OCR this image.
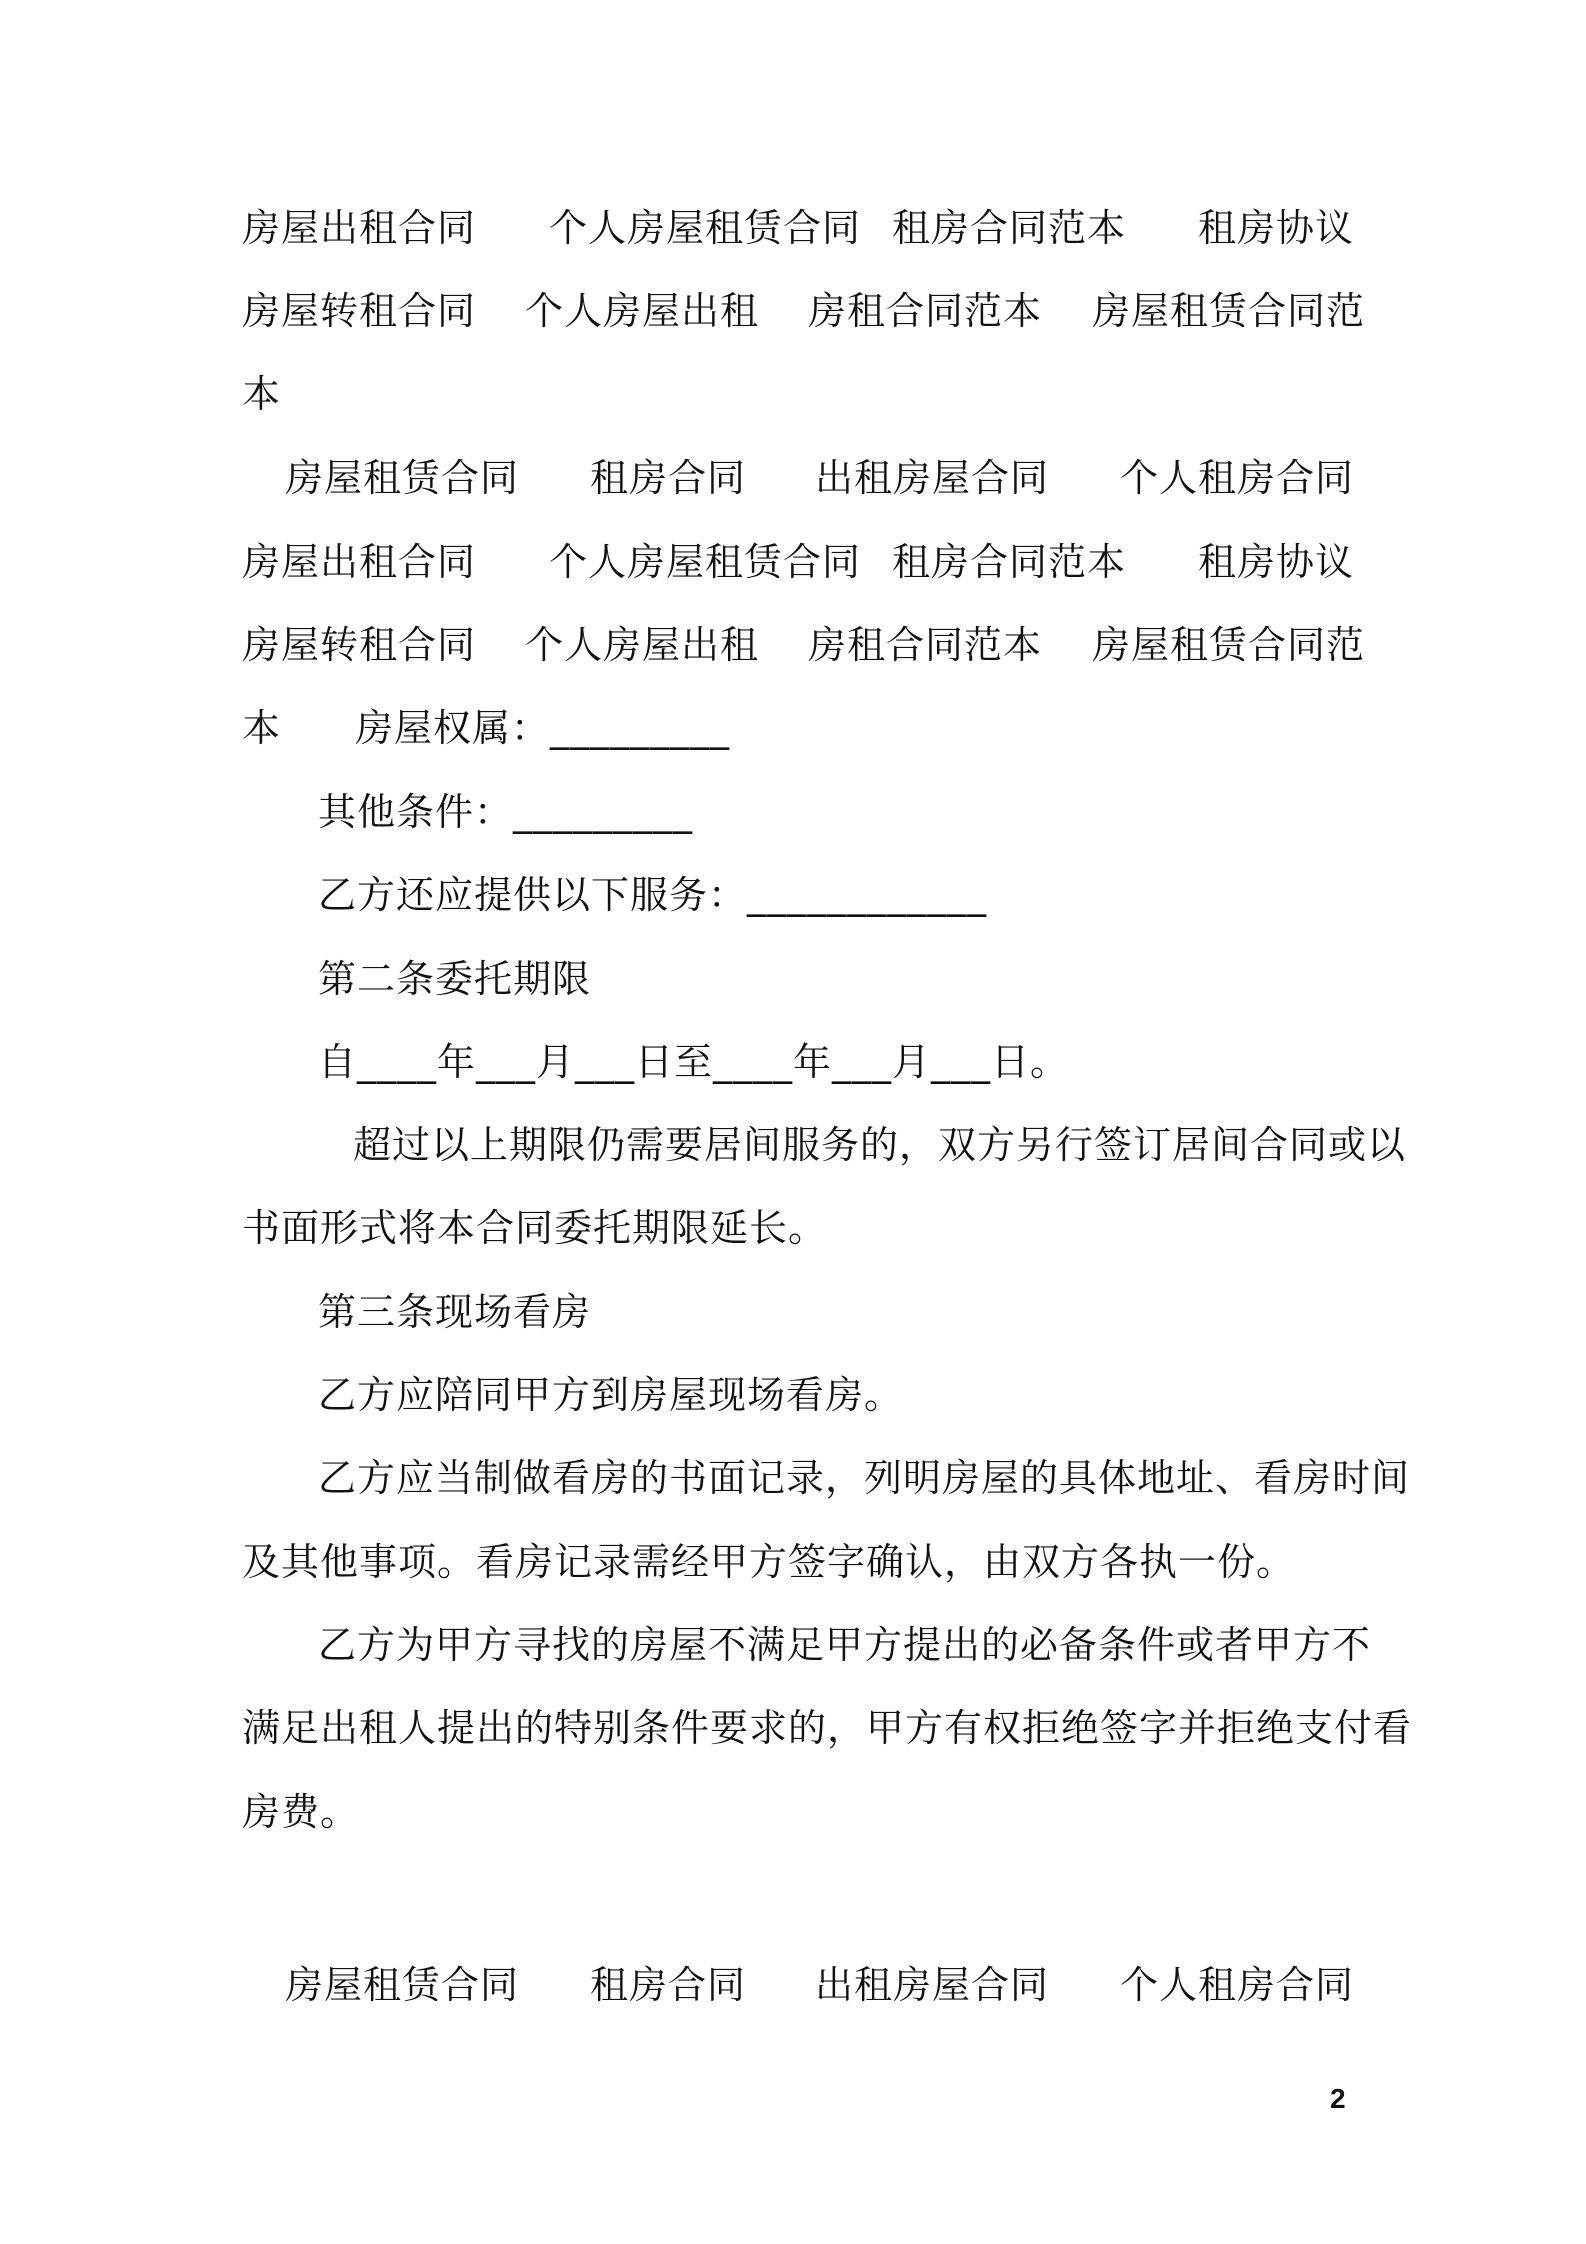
房屋出租合同 个人房屋租赁合同 租房合同范本 租房协议
房屋转租合同 个人房屋出租 房租合同范本 房屋租赁合同范
本
房屋租赁合同 租房合同 出租房屋合同 个人租房合同
房屋出租合同 个人房屋租赁合同 租房合同范本 租房协议
房屋转租合同 个人房屋出租 房租合同范本 房屋租赁合同范
本 房屋权属：_________
其他条件：_________
乙方还应提供以下服务：____________
第二条委托期限
自____年___月___日至____年___月___日。
超过以上期限仍需要居间服务的，双方另行签订居间合同或以
书面形式将本合同委托期限延长。
第三条现场看房
乙方应陪同甲方到房屋现场看房。
乙方应当制做看房的书面记录，列明房屋的具体地址、看房时间
及其他事项。看房记录需经甲方签字确认，由双方各执一份。
乙方为甲方寻找的房屋不满足甲方提出的必备条件或者甲方不
满足出租人提出的特别条件要求的，甲方有权拒绝签字并拒绝支付看
房费。
房屋租赁合同 租房合同 出租房屋合同 个人租房合同
2
